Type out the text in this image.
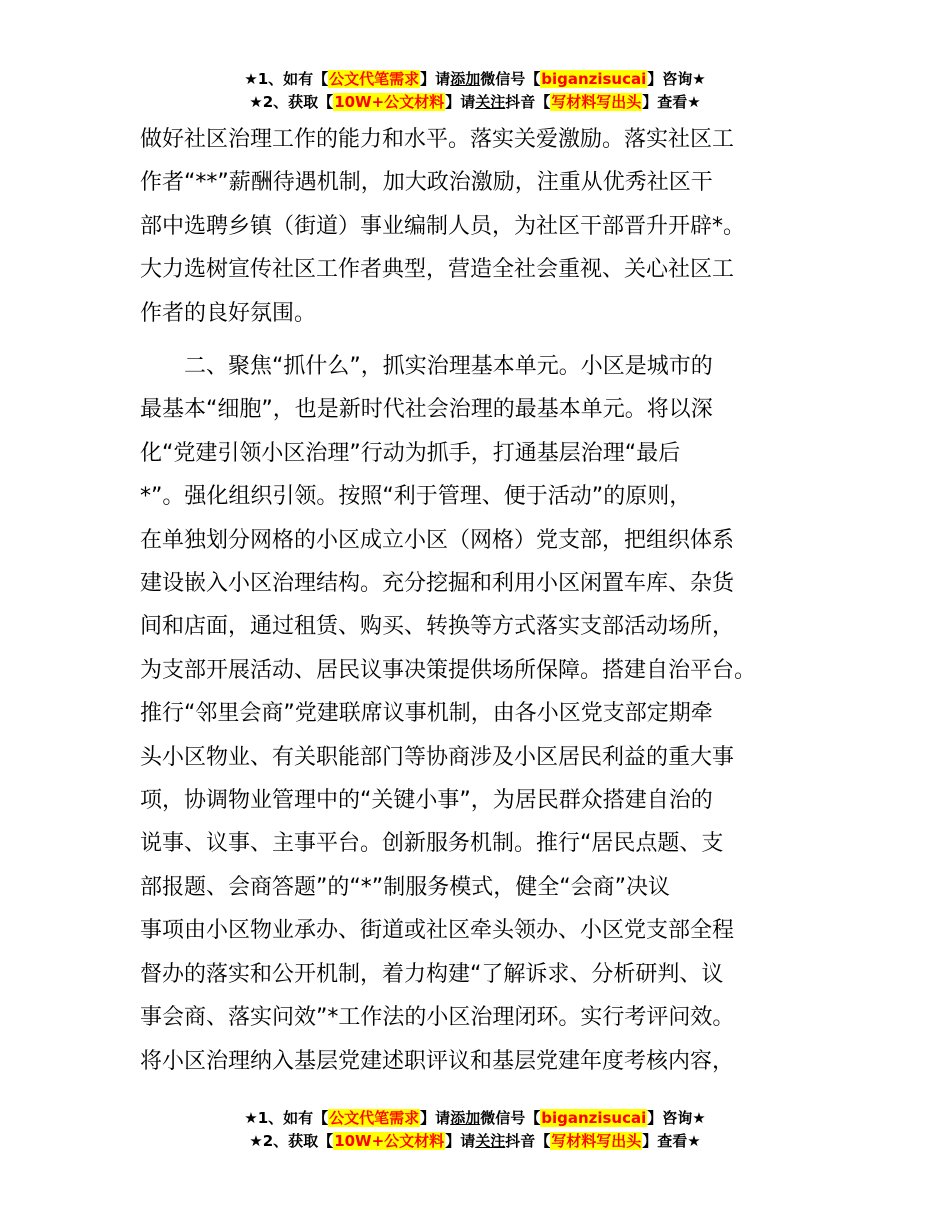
★1、如有【公文代笔需求】请添加微信号【biganzisucai】咨询★
★2、获取【10W+公文材料】请关注抖音【写材料写出头】查看★
做好社区治理工作的能力和水平。落实关爱激励。落实社区工
作者“**”薪酬待遇机制，加大政治激励，注重从优秀社区干
部中选聘乡镇（街道）事业编制人员，为社区干部晋升开辟*。
大力选树宣传社区工作者典型，营造全社会重视、关心社区工
作者的良好氛围。
　　二、聚焦“抓什么”，抓实治理基本单元。小区是城市的
最基本“细胞”，也是新时代社会治理的最基本单元。将以深
化“党建引领小区治理”行动为抓手，打通基层治理“最后
*”。强化组织引领。按照“利于管理、便于活动”的原则，
在单独划分网格的小区成立小区（网格）党支部，把组织体系
建设嵌入小区治理结构。充分挖掘和利用小区闲置车库、杂货
间和店面，通过租赁、购买、转换等方式落实支部活动场所，
为支部开展活动、居民议事决策提供场所保障。搭建自治平台。
推行“邻里会商”党建联席议事机制，由各小区党支部定期牵
头小区物业、有关职能部门等协商涉及小区居民利益的重大事
项，协调物业管理中的“关键小事”，为居民群众搭建自治的
说事、议事、主事平台。创新服务机制。推行“居民点题、支
部报题、会商答题”的“*”制服务模式，健全“会商”决议
事项由小区物业承办、街道或社区牵头领办、小区党支部全程
督办的落实和公开机制，着力构建“了解诉求、分析研判、议
事会商、落实问效”*工作法的小区治理闭环。实行考评问效。
将小区治理纳入基层党建述职评议和基层党建年度考核内容，
★1、如有【公文代笔需求】请添加微信号【biganzisucai】咨询★
★2、获取【10W+公文材料】请关注抖音【写材料写出头】查看★
